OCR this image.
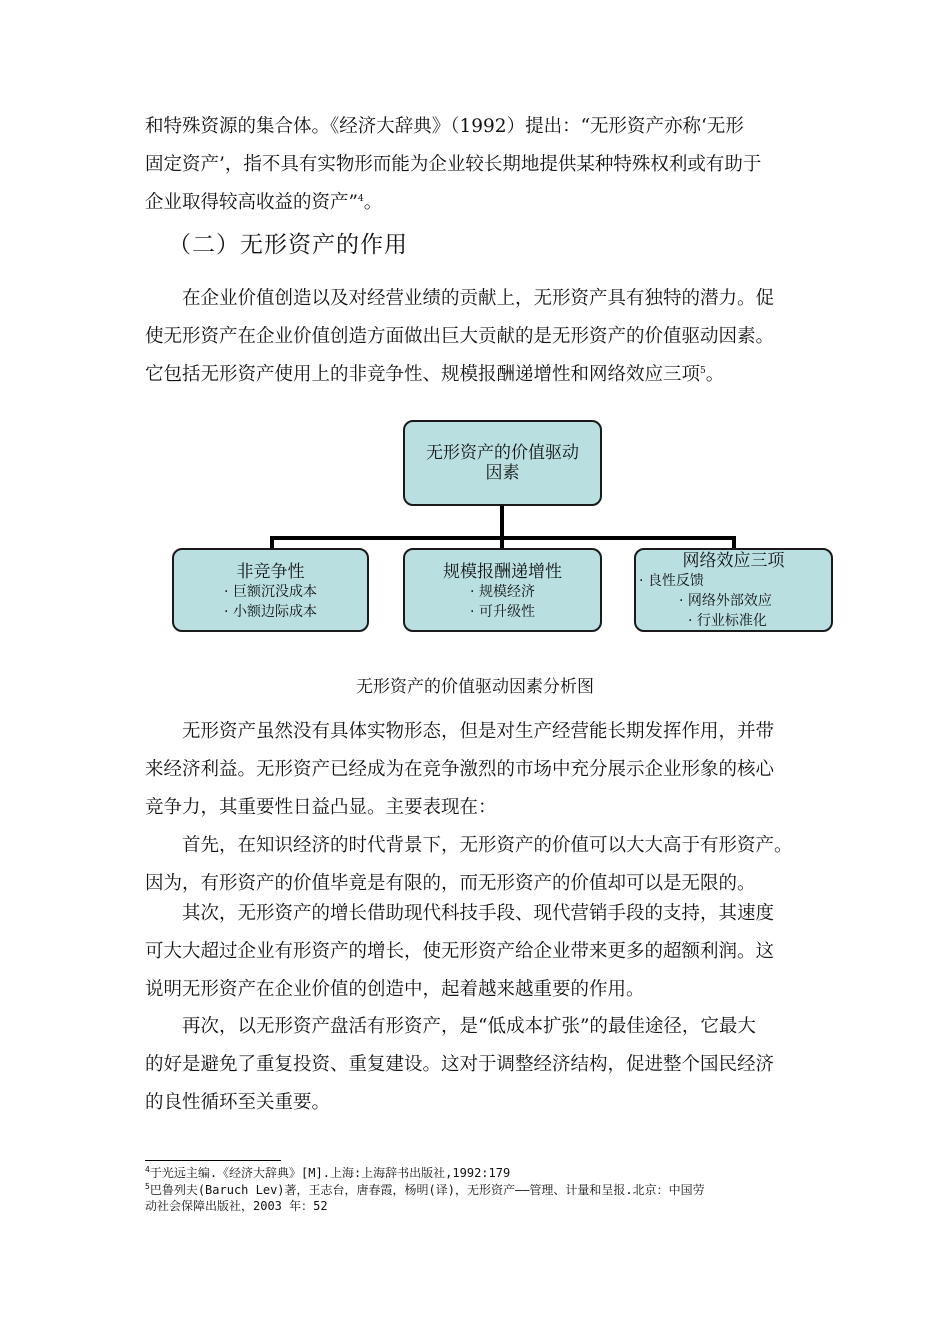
和特殊资源的集合体。《经济大辞典》（1992）提出：“无形资产亦称‘无形
固定资产’，指不具有实物形而能为企业较长期地提供某种特殊权利或有助于
企业取得较高收益的资产”$^4$。

（二）无形资产的作用

在企业价值创造以及对经营业绩的贡献上，无形资产具有独特的潜力。促
使无形资产在企业价值创造方面做出巨大贡献的是无形资产的价值驱动因素。
它包括无形资产使用上的非竞争性、规模报酬递增性和网络效应三项$^5$。

无形资产的价值驱动
因素
非竞争性
· 巨额沉没成本
· 小额边际成本
规模报酬递增性
· 规模经济
· 可升级性
网络效应三项
· 良性反馈
· 网络外部效应
· 行业标准化

无形资产的价值驱动因素分析图

无形资产虽然没有具体实物形态，但是对生产经营能长期发挥作用，并带
来经济利益。无形资产已经成为在竞争激烈的市场中充分展示企业形象的核心
竞争力，其重要性日益凸显。主要表现在：

首先，在知识经济的时代背景下，无形资产的价值可以大大高于有形资产。
因为，有形资产的价值毕竟是有限的，而无形资产的价值却可以是无限的。

其次，无形资产的增长借助现代科技手段、现代营销手段的支持，其速度
可大大超过企业有形资产的增长，使无形资产给企业带来更多的超额利润。这
说明无形资产在企业价值的创造中，起着越来越重要的作用。

再次，以无形资产盘活有形资产，是“低成本扩张”的最佳途径，它最大
的好是避免了重复投资、重复建设。这对于调整经济结构，促进整个国民经济
的良性循环至关重要。

$^4$于光远主编.《经济大辞典》[M].上海:上海辞书出版社,1992:179

$^5$巴鲁列夫(Baruch Lev)著，王志台，唐春霞，杨明(译)，无形资产——管理、计量和呈报.北京：中国劳
动社会保障出版社，2003 年：52
